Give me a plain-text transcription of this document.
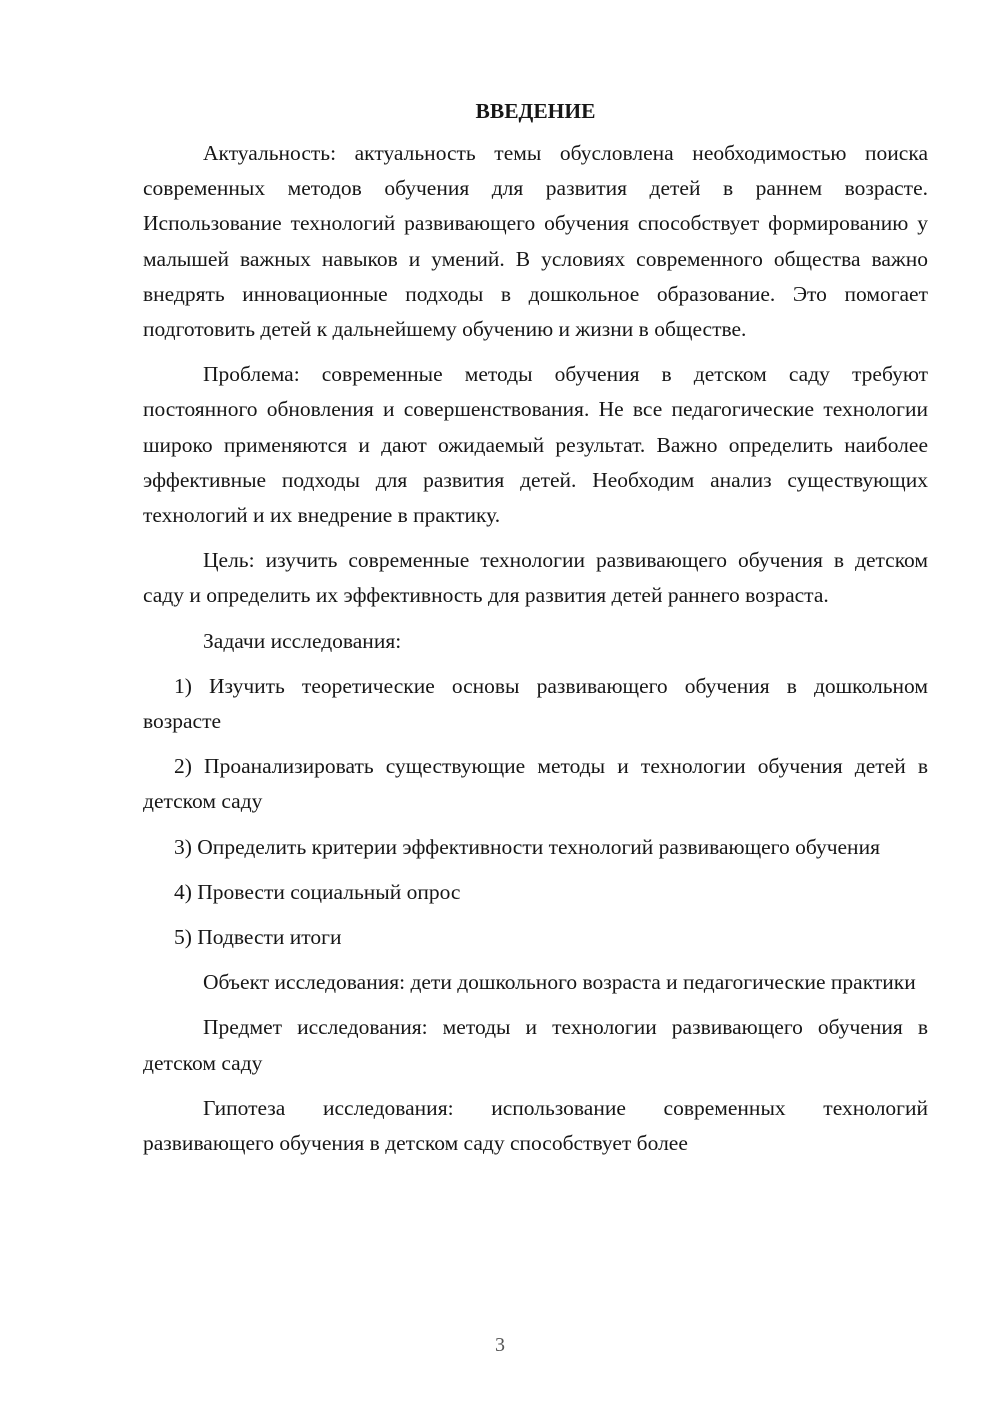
ВВЕДЕНИЕ

Актуальность: актуальность темы обусловлена необходимостью поиска современных методов обучения для развития детей в раннем возрасте. Использование технологий развивающего обучения способствует формированию у малышей важных навыков и умений. В условиях современного общества важно внедрять инновационные подходы в дошкольное образование. Это помогает подготовить детей к дальнейшему обучению и жизни в обществе.

Проблема: современные методы обучения в детском саду требуют постоянного обновления и совершенствования. Не все педагогические технологии широко применяются и дают ожидаемый результат. Важно определить наиболее эффективные подходы для развития детей. Необходим анализ существующих технологий и их внедрение в практику.

Цель: изучить современные технологии развивающего обучения в детском саду и определить их эффективность для развития детей раннего возраста.

Задачи исследования:

1) Изучить теоретические основы развивающего обучения в дошкольном возрасте

2) Проанализировать существующие методы и технологии обучения детей в детском саду

3) Определить критерии эффективности технологий развивающего обучения

4) Провести социальный опрос

5) Подвести итоги

Объект исследования: дети дошкольного возраста и педагогические практики

Предмет исследования: методы и технологии развивающего обучения в детском саду

Гипотеза исследования: использование современных технологий развивающего обучения в детском саду способствует более

3
